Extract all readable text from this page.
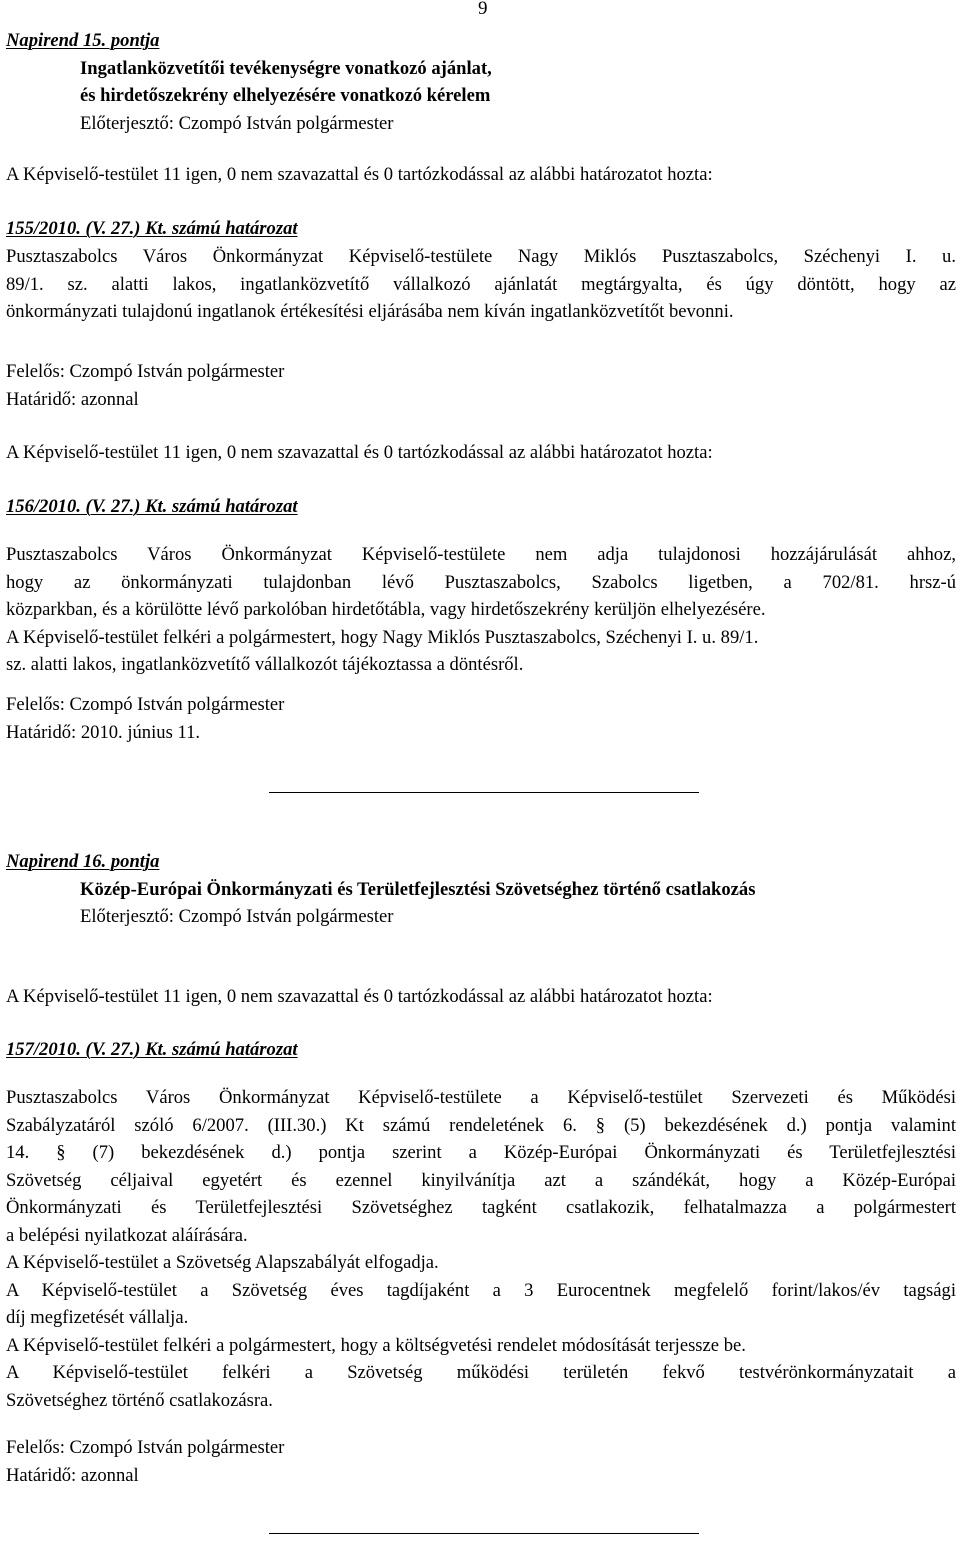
9
Napirend 15. pontja
Ingatlanközvetítői tevékenységre vonatkozó ajánlat,
és hirdetőszekrény elhelyezésére vonatkozó kérelem
Előterjesztő: Czompó István polgármester
A Képviselő-testület 11 igen, 0 nem szavazattal és 0 tartózkodással az alábbi határozatot hozta:
155/2010. (V. 27.) Kt. számú határozat
Pusztaszabolcs Város Önkormányzat Képviselő-testülete Nagy Miklós Pusztaszabolcs, Széchenyi I. u.
89/1. sz. alatti lakos, ingatlanközvetítő vállalkozó ajánlatát megtárgyalta, és úgy döntött, hogy az
önkormányzati tulajdonú ingatlanok értékesítési eljárásába nem kíván ingatlanközvetítőt bevonni.
Felelős: Czompó István polgármester
Határidő: azonnal
A Képviselő-testület 11 igen, 0 nem szavazattal és 0 tartózkodással az alábbi határozatot hozta:
156/2010. (V. 27.) Kt. számú határozat
Pusztaszabolcs Város Önkormányzat Képviselő-testülete nem adja tulajdonosi hozzájárulását ahhoz,
hogy az önkormányzati tulajdonban lévő Pusztaszabolcs, Szabolcs ligetben, a 702/81. hrsz-ú
közparkban, és a körülötte lévő parkolóban hirdetőtábla, vagy hirdetőszekrény kerüljön elhelyezésére.
A Képviselő-testület felkéri a polgármestert, hogy Nagy Miklós Pusztaszabolcs, Széchenyi I. u. 89/1.
sz. alatti lakos, ingatlanközvetítő vállalkozót tájékoztassa a döntésről.
Felelős: Czompó István polgármester
Határidő: 2010. június 11.
Napirend 16. pontja
Közép-Európai Önkormányzati és Területfejlesztési Szövetséghez történő csatlakozás
Előterjesztő: Czompó István polgármester
A Képviselő-testület 11 igen, 0 nem szavazattal és 0 tartózkodással az alábbi határozatot hozta:
157/2010. (V. 27.) Kt. számú határozat
Pusztaszabolcs Város Önkormányzat Képviselő-testülete a Képviselő-testület Szervezeti és Működési
Szabályzatáról szóló 6/2007. (III.30.) Kt számú rendeletének 6. § (5) bekezdésének d.) pontja valamint
14. § (7) bekezdésének d.) pontja szerint a Közép-Európai Önkormányzati és Területfejlesztési
Szövetség céljaival egyetért és ezennel kinyilvánítja azt a szándékát, hogy a Közép-Európai
Önkormányzati és Területfejlesztési Szövetséghez tagként csatlakozik, felhatalmazza a polgármestert
a belépési nyilatkozat aláírására.
A Képviselő-testület a Szövetség Alapszabályát elfogadja.
A Képviselő-testület a Szövetség éves tagdíjaként a 3 Eurocentnek megfelelő forint/lakos/év tagsági
díj megfizetését vállalja.
A Képviselő-testület felkéri a polgármestert, hogy a költségvetési rendelet módosítását terjessze be.
A Képviselő-testület felkéri a Szövetség működési területén fekvő testvérönkormányzatait a
Szövetséghez történő csatlakozásra.
Felelős: Czompó István polgármester
Határidő: azonnal
